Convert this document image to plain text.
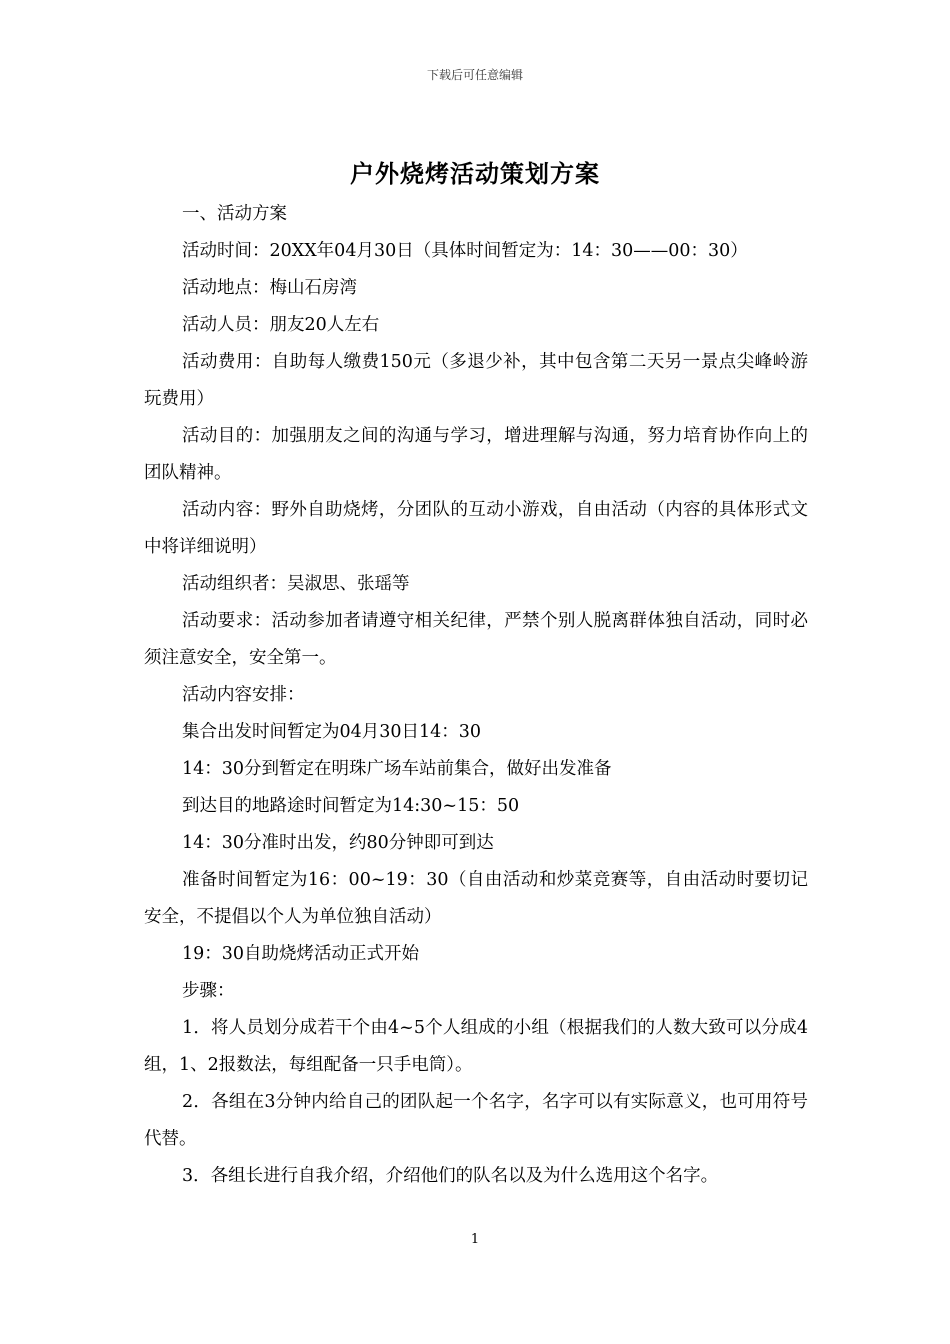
下载后可任意编辑
户外烧烤活动策划方案

一、活动方案

活动时间：20XX年04月30日（具体时间暂定为：14：30——00：30）

活动地点：梅山石房湾

活动人员：朋友20人左右

活动费用：自助每人缴费150元（多退少补，其中包含第二天另一景点尖峰岭游玩费用）

活动目的：加强朋友之间的沟通与学习，增进理解与沟通，努力培育协作向上的团队精神。

活动内容：野外自助烧烤，分团队的互动小游戏，自由活动（内容的具体形式文中将详细说明）

活动组织者：吴淑思、张瑶等

活动要求：活动参加者请遵守相关纪律，严禁个别人脱离群体独自活动，同时必须注意安全，安全第一。

活动内容安排：

集合出发时间暂定为04月30日14：30

14：30分到暂定在明珠广场车站前集合，做好出发准备

到达目的地路途时间暂定为14:30~15：50

14：30分准时出发，约80分钟即可到达

准备时间暂定为16：00~19：30（自由活动和炒菜竞赛等，自由活动时要切记安全，不提倡以个人为单位独自活动）

19：30自助烧烤活动正式开始

步骤：

1．将人员划分成若干个由4~5个人组成的小组（根据我们的人数大致可以分成4组，1、2报数法，每组配备一只手电筒）。

2．各组在3分钟内给自己的团队起一个名字，名字可以有实际意义，也可用符号代替。

3．各组长进行自我介绍，介绍他们的队名以及为什么选用这个名字。

1
